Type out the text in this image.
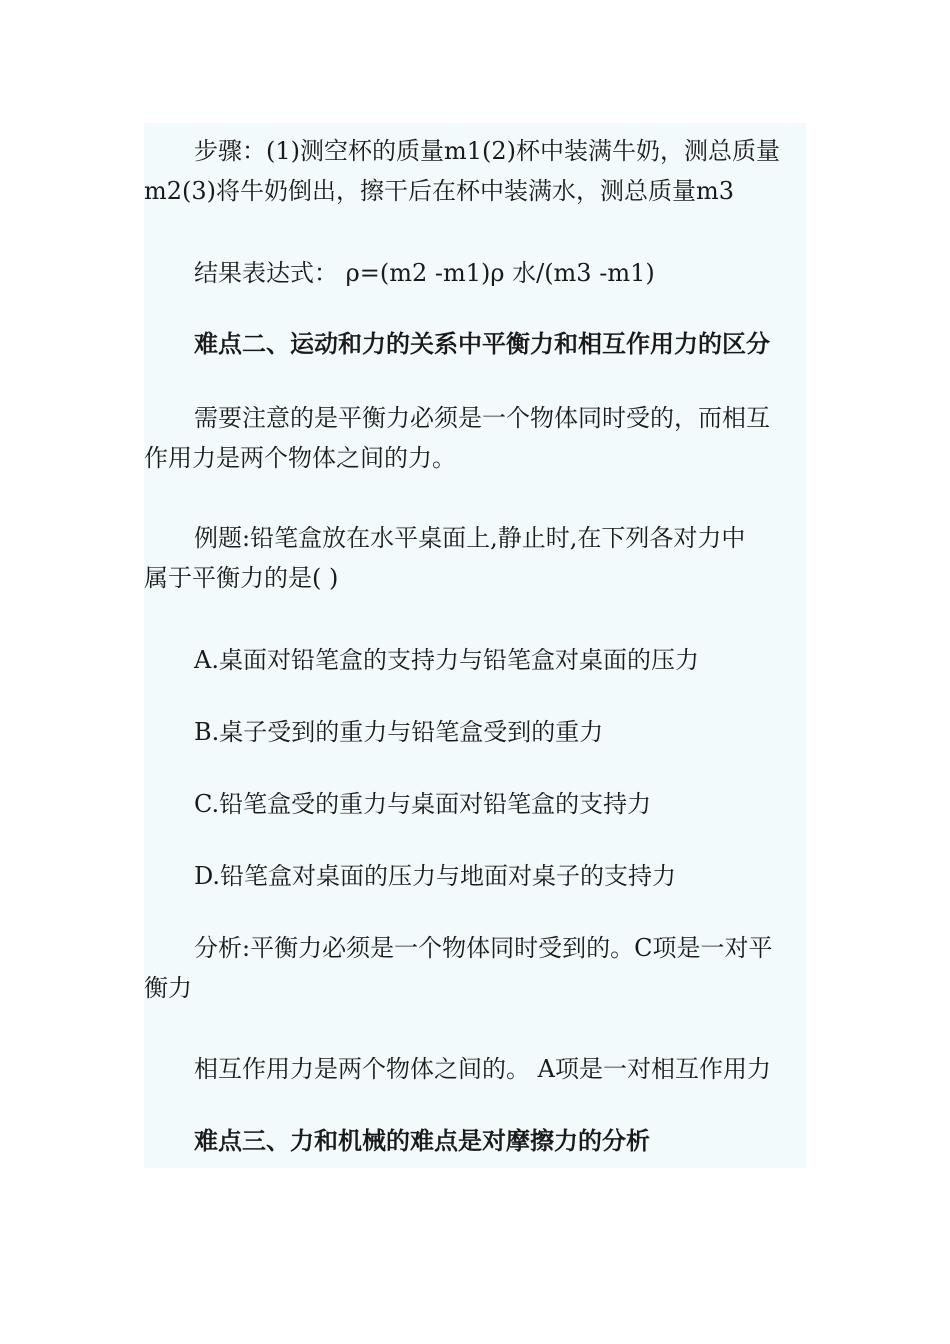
步骤：(1)测空杯的质量m1(2)杯中装满牛奶，测总质量
m2(3)将牛奶倒出，擦干后在杯中装满水，测总质量m3

结果表达式： ρ=(m2 -m1)ρ 水/(m3 -m1)

难点二、运动和力的关系中平衡力和相互作用力的区分

需要注意的是平衡力必须是一个物体同时受的，而相互
作用力是两个物体之间的力。

例题:铅笔盒放在水平桌面上,静止时,在下列各对力中
属于平衡力的是( )

A.桌面对铅笔盒的支持力与铅笔盒对桌面的压力

B.桌子受到的重力与铅笔盒受到的重力

C.铅笔盒受的重力与桌面对铅笔盒的支持力

D.铅笔盒对桌面的压力与地面对桌子的支持力

分析:平衡力必须是一个物体同时受到的。C项是一对平
衡力

相互作用力是两个物体之间的。 A项是一对相互作用力

难点三、力和机械的难点是对摩擦力的分析
